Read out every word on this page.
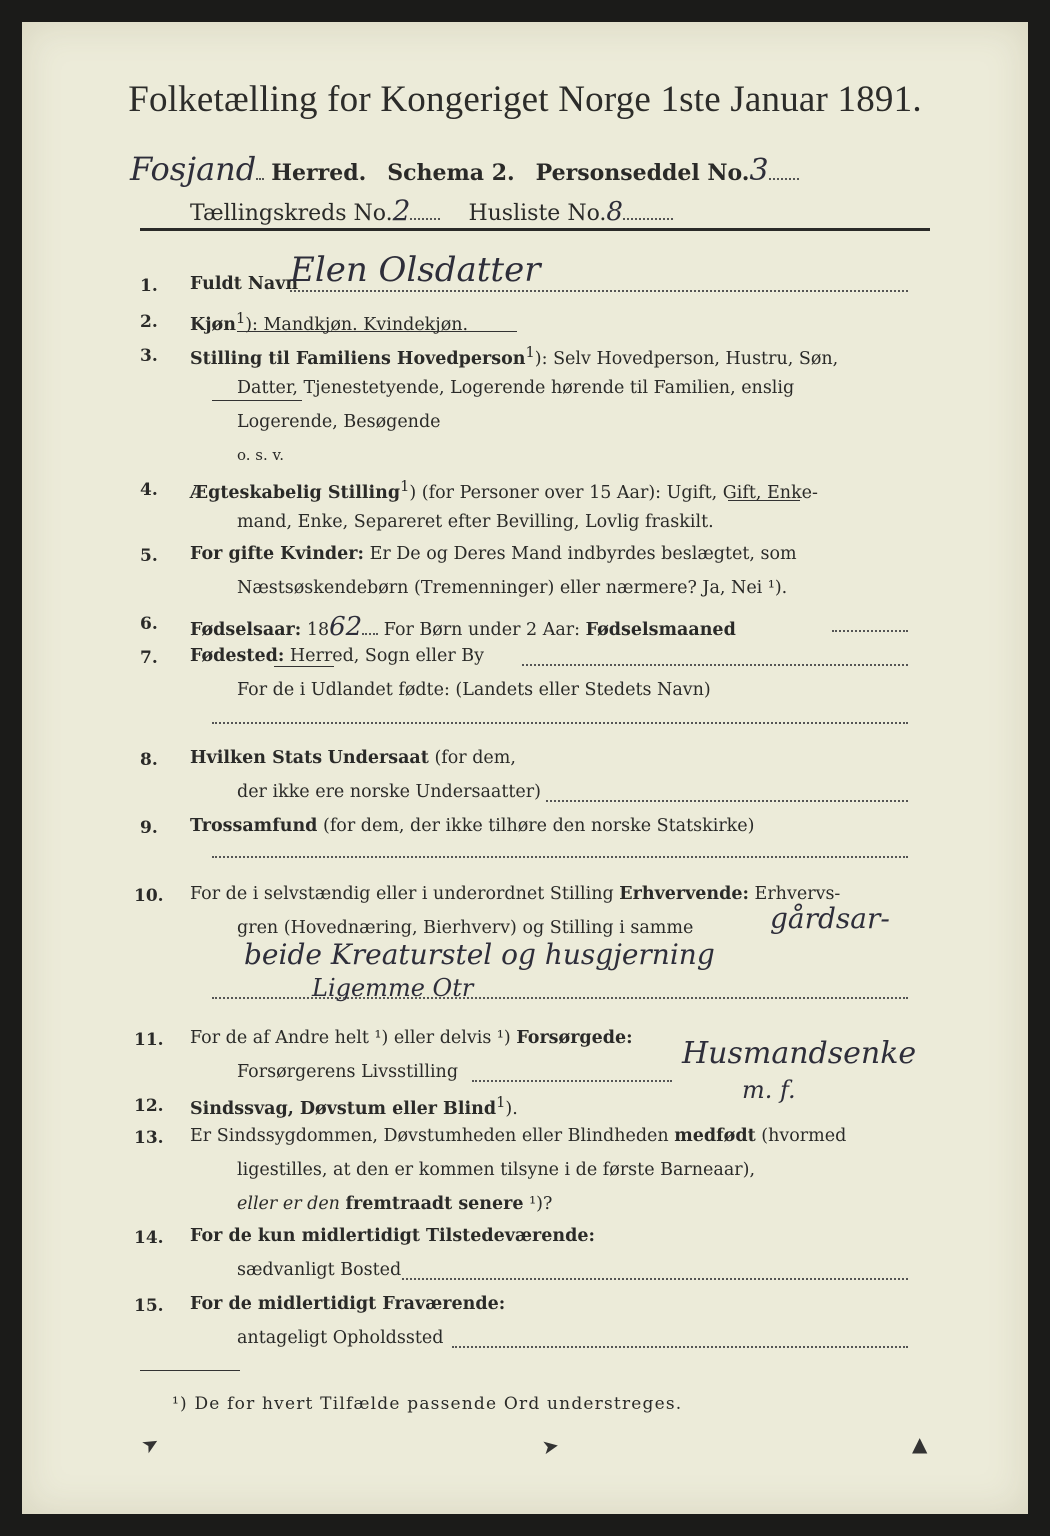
Folketælling for Kongeriget Norge 1ste Januar 1891.
Fosjand Herred. Schema 2. Personseddel No.3
Tællingskreds No.2	Husliste No.8
1. Fuldt Navn
Elen Olsdatter
2. Kjøn$^1$): Mandkjøn. Kvindekjøn.
3. Stilling til Familiens Hovedperson$^1$): Selv Hovedperson, Hustru, Søn,
Datter, Tjenestetyende, Logerende hørende til Familien, enslig
Logerende, Besøgende
o. s. v.
4. Ægteskabelig Stilling$^1$) (for Personer over 15 Aar): Ugift, Gift, Enke-
mand, Enke, Separeret efter Bevilling, Lovlig fraskilt.
5. For gifte Kvinder: Er De og Deres Mand indbyrdes beslægtet, som
Næstsøskendebørn (Tremenninger) eller nærmere? Ja, Nei ¹).
6. Fødselsaar: 1862 For Børn under 2 Aar: Fødselsmaaned
7. Fødested: Herred, Sogn eller By
For de i Udlandet fødte: (Landets eller Stedets Navn)
8. Hvilken Stats Undersaat (for dem,
der ikke ere norske Undersaatter)
9. Trossamfund (for dem, der ikke tilhøre den norske Statskirke)
10. For de i selvstændig eller i underordnet Stilling Erhvervende: Erhvervs-
gren (Hovednæring, Bierhverv) og Stilling i samme	gårdsar-
beide Kreaturstel og husgjerning
Ligemme Otr
11. For de af Andre helt ¹) eller delvis ¹) Forsørgede:
Forsørgerens Livsstilling
Husmandsenke
m. f.
12. Sindssvag, Døvstum eller Blind$^1$).
13. Er Sindssygdommen, Døvstumheden eller Blindheden medfødt (hvormed
ligestilles, at den er kommen tilsyne i de første Barneaar),
eller er den fremtraadt senere ¹)?
14. For de kun midlertidigt Tilstedeværende:
sædvanligt Bosted
15. For de midlertidigt Fraværende:
antageligt Opholdssted
¹) De for hvert Tilfælde passende Ord understreges.
➤	➤	▲
